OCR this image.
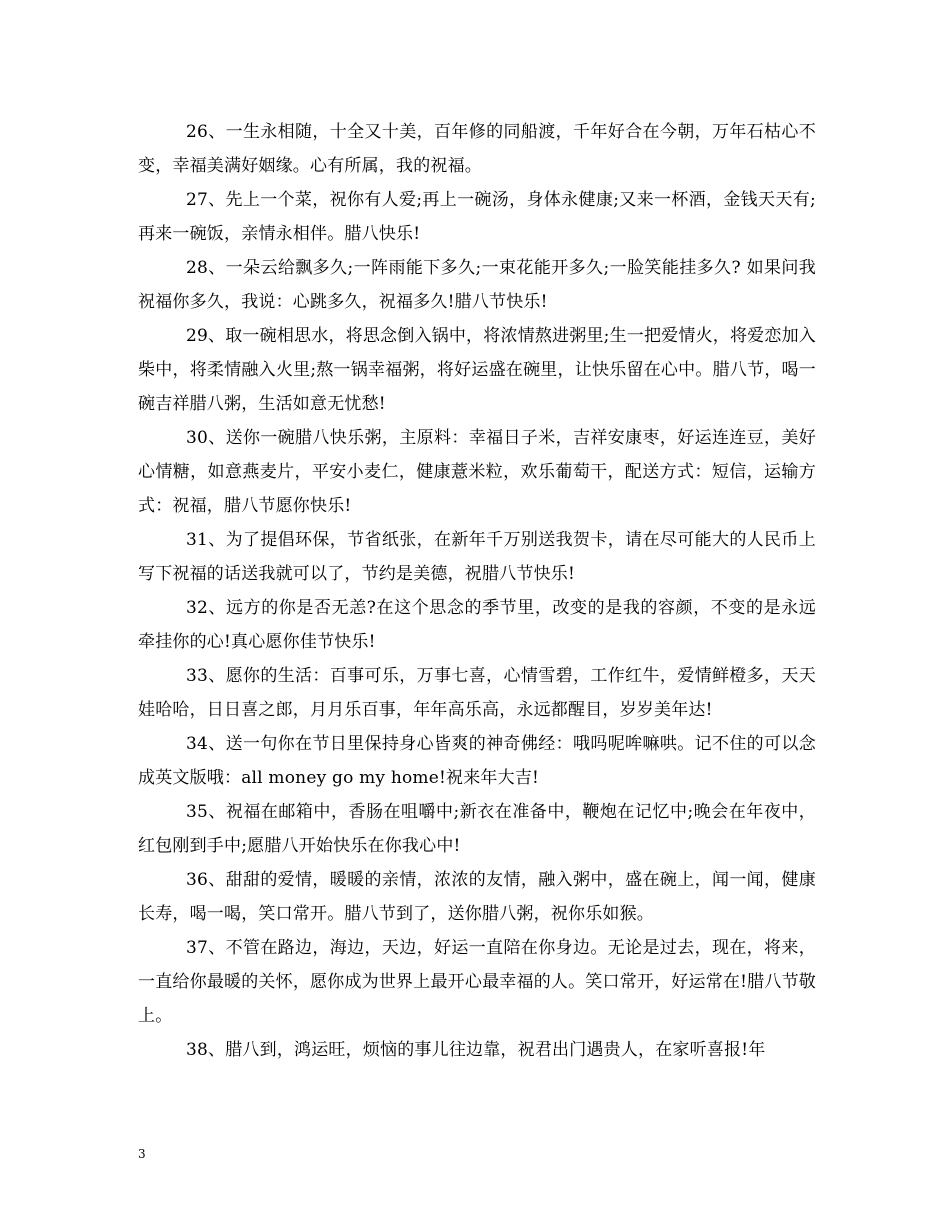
26、一生永相随，十全又十美，百年修的同船渡，千年好合在今朝，万年石枯心不变，幸福美满好姻缘。心有所属，我的祝福。

27、先上一个菜，祝你有人爱;再上一碗汤，身体永健康;又来一杯酒，金钱天天有;再来一碗饭，亲情永相伴。腊八快乐!

28、一朵云给飘多久;一阵雨能下多久;一束花能开多久;一脸笑能挂多久? 如果问我祝福你多久，我说：心跳多久，祝福多久!腊八节快乐!

29、取一碗相思水，将思念倒入锅中，将浓情熬进粥里;生一把爱情火，将爱恋加入柴中，将柔情融入火里;熬一锅幸福粥，将好运盛在碗里，让快乐留在心中。腊八节，喝一碗吉祥腊八粥，生活如意无忧愁!

30、送你一碗腊八快乐粥，主原料：幸福日子米，吉祥安康枣，好运连连豆，美好心情糖，如意燕麦片，平安小麦仁，健康薏米粒，欢乐葡萄干，配送方式：短信，运输方式：祝福，腊八节愿你快乐!

31、为了提倡环保，节省纸张，在新年千万别送我贺卡，请在尽可能大的人民币上写下祝福的话送我就可以了，节约是美德，祝腊八节快乐!

32、远方的你是否无恙?在这个思念的季节里，改变的是我的容颜，不变的是永远牵挂你的心!真心愿你佳节快乐!

33、愿你的生活：百事可乐，万事七喜，心情雪碧，工作红牛，爱情鲜橙多，天天娃哈哈，日日喜之郎，月月乐百事，年年高乐高，永远都醒目，岁岁美年达!

34、送一句你在节日里保持身心皆爽的神奇佛经：哦吗呢哞嘛哄。记不住的可以念成英文版哦：all money go my home!祝来年大吉!

35、祝福在邮箱中，香肠在咀嚼中;新衣在准备中，鞭炮在记忆中;晚会在年夜中，红包刚到手中;愿腊八开始快乐在你我心中!

36、甜甜的爱情，暖暖的亲情，浓浓的友情，融入粥中，盛在碗上，闻一闻，健康长寿，喝一喝，笑口常开。腊八节到了，送你腊八粥，祝你乐如猴。

37、不管在路边，海边，天边，好运一直陪在你身边。无论是过去，现在，将来，一直给你最暖的关怀，愿你成为世界上最开心最幸福的人。笑口常开，好运常在!腊八节敬上。

38、腊八到，鸿运旺，烦恼的事儿往边靠，祝君出门遇贵人，在家听喜报!年

3
